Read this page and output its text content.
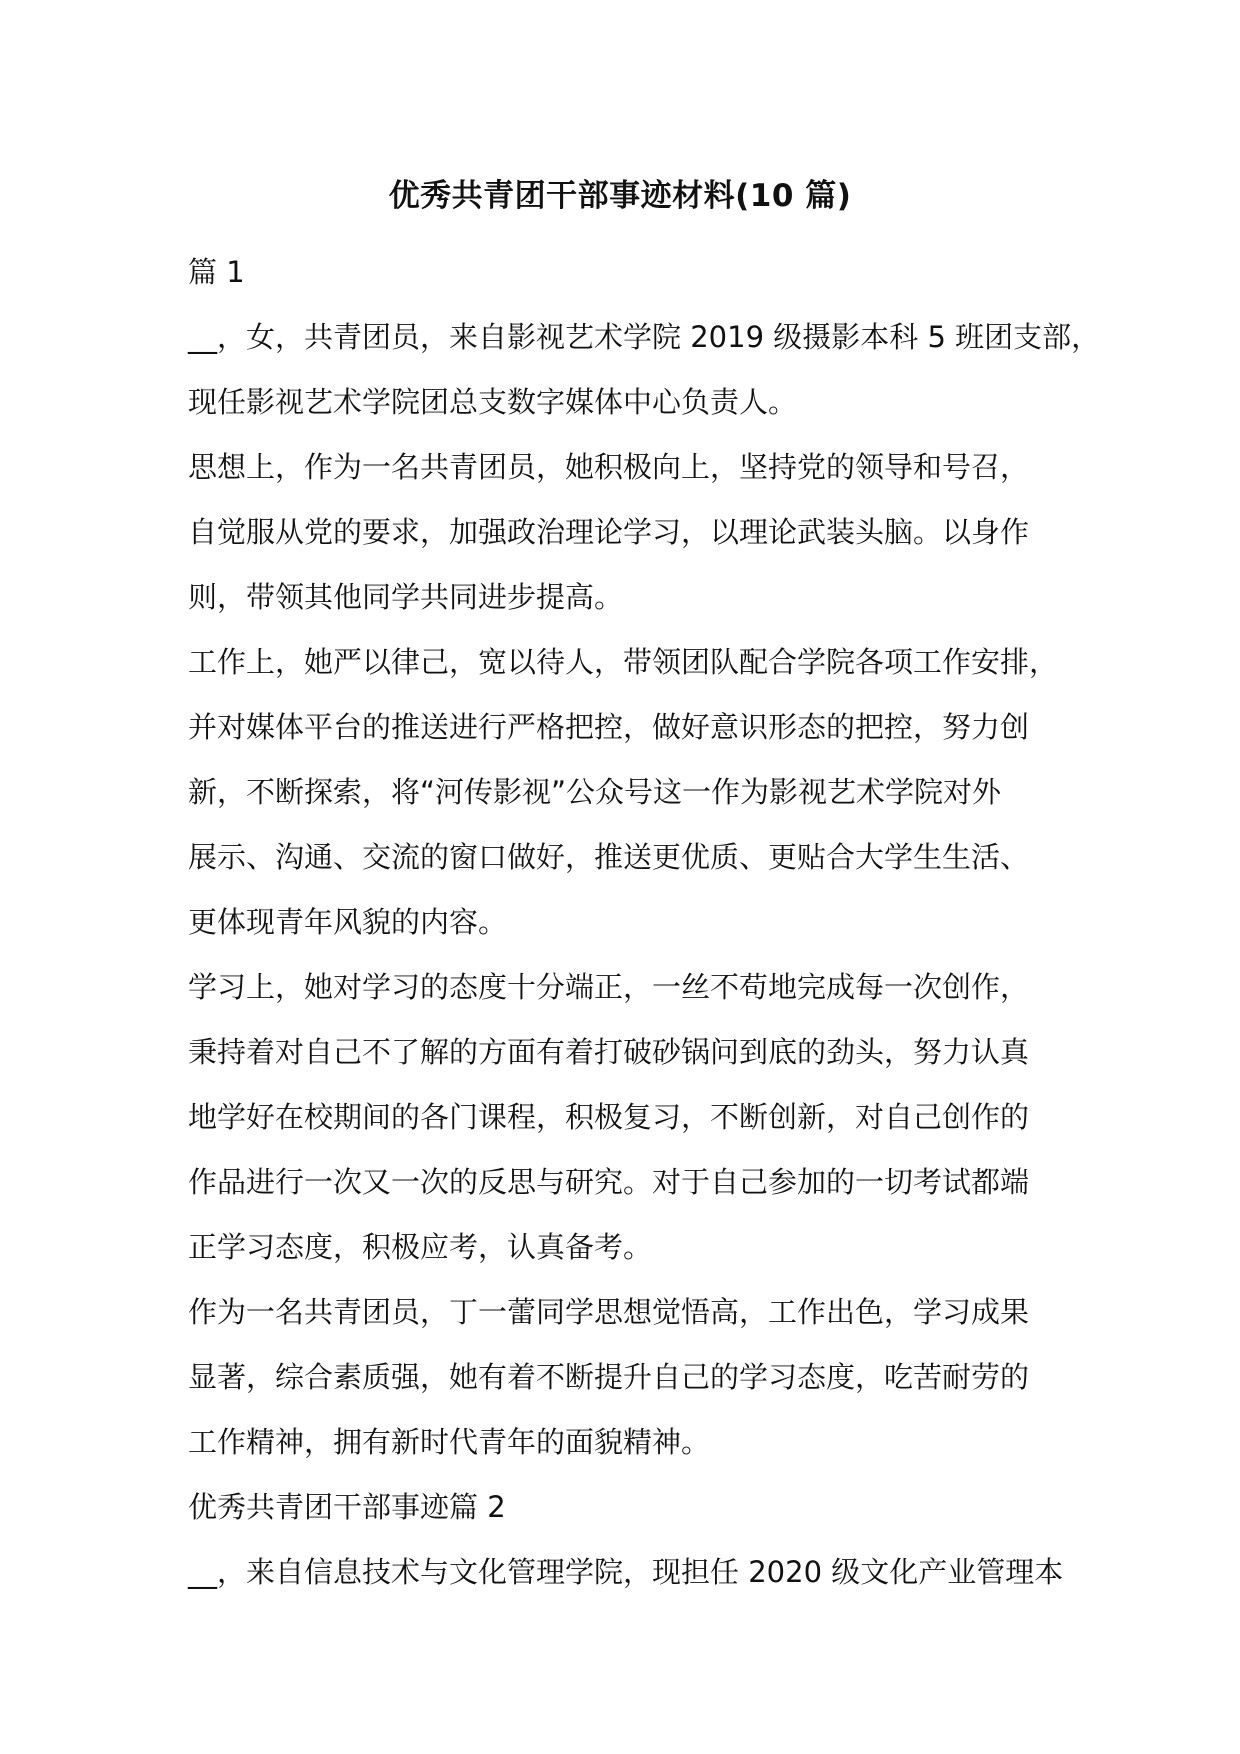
优秀共青团干部事迹材料(10 篇)
篇 1
__，女，共青团员，来自影视艺术学院 2019 级摄影本科 5 班团支部，
现任影视艺术学院团总支数字媒体中心负责人。
思想上，作为一名共青团员，她积极向上，坚持党的领导和号召，
自觉服从党的要求，加强政治理论学习，以理论武装头脑。以身作
则，带领其他同学共同进步提高。
工作上，她严以律己，宽以待人，带领团队配合学院各项工作安排，
并对媒体平台的推送进行严格把控，做好意识形态的把控，努力创
新，不断探索，将“河传影视”公众号这一作为影视艺术学院对外
展示、沟通、交流的窗口做好，推送更优质、更贴合大学生生活、
更体现青年风貌的内容。
学习上，她对学习的态度十分端正，一丝不苟地完成每一次创作，
秉持着对自己不了解的方面有着打破砂锅问到底的劲头，努力认真
地学好在校期间的各门课程，积极复习，不断创新，对自己创作的
作品进行一次又一次的反思与研究。对于自己参加的一切考试都端
正学习态度，积极应考，认真备考。
作为一名共青团员，丁一蕾同学思想觉悟高，工作出色，学习成果
显著，综合素质强，她有着不断提升自己的学习态度，吃苦耐劳的
工作精神，拥有新时代青年的面貌精神。
优秀共青团干部事迹篇 2
__，来自信息技术与文化管理学院，现担任 2020 级文化产业管理本
